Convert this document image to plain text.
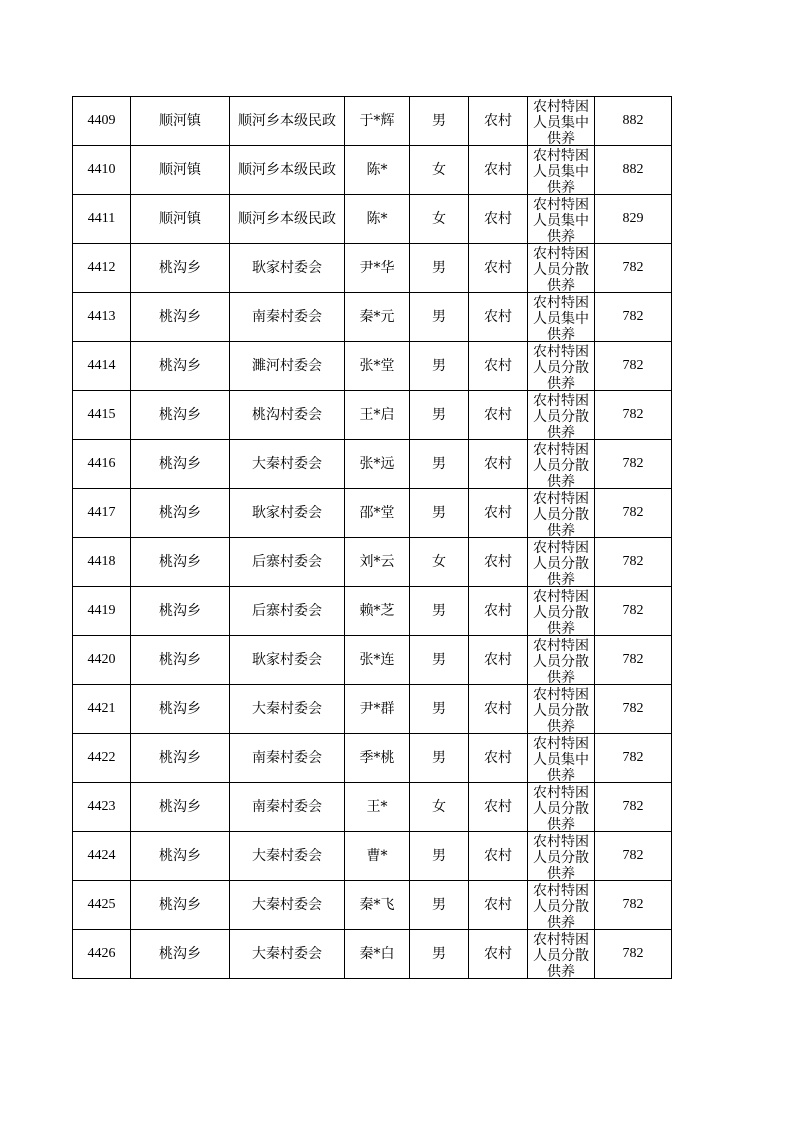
4409	顺河镇	顺河乡本级民政	于*辉	男	农村	农村特困人员集中供养	882
4410	顺河镇	顺河乡本级民政	陈*	女	农村	农村特困人员集中供养	882
4411	顺河镇	顺河乡本级民政	陈*	女	农村	农村特困人员集中供养	829
4412	桃沟乡	耿家村委会	尹*华	男	农村	农村特困人员分散供养	782
4413	桃沟乡	南秦村委会	秦*元	男	农村	农村特困人员集中供养	782
4414	桃沟乡	濉河村委会	张*堂	男	农村	农村特困人员分散供养	782
4415	桃沟乡	桃沟村委会	王*启	男	农村	农村特困人员分散供养	782
4416	桃沟乡	大秦村委会	张*远	男	农村	农村特困人员分散供养	782
4417	桃沟乡	耿家村委会	邵*堂	男	农村	农村特困人员分散供养	782
4418	桃沟乡	后寨村委会	刘*云	女	农村	农村特困人员分散供养	782
4419	桃沟乡	后寨村委会	赖*芝	男	农村	农村特困人员分散供养	782
4420	桃沟乡	耿家村委会	张*连	男	农村	农村特困人员分散供养	782
4421	桃沟乡	大秦村委会	尹*群	男	农村	农村特困人员分散供养	782
4422	桃沟乡	南秦村委会	季*桃	男	农村	农村特困人员集中供养	782
4423	桃沟乡	南秦村委会	王*	女	农村	农村特困人员分散供养	782
4424	桃沟乡	大秦村委会	曹*	男	农村	农村特困人员分散供养	782
4425	桃沟乡	大秦村委会	秦*飞	男	农村	农村特困人员分散供养	782
4426	桃沟乡	大秦村委会	秦*白	男	农村	农村特困人员分散供养	782
